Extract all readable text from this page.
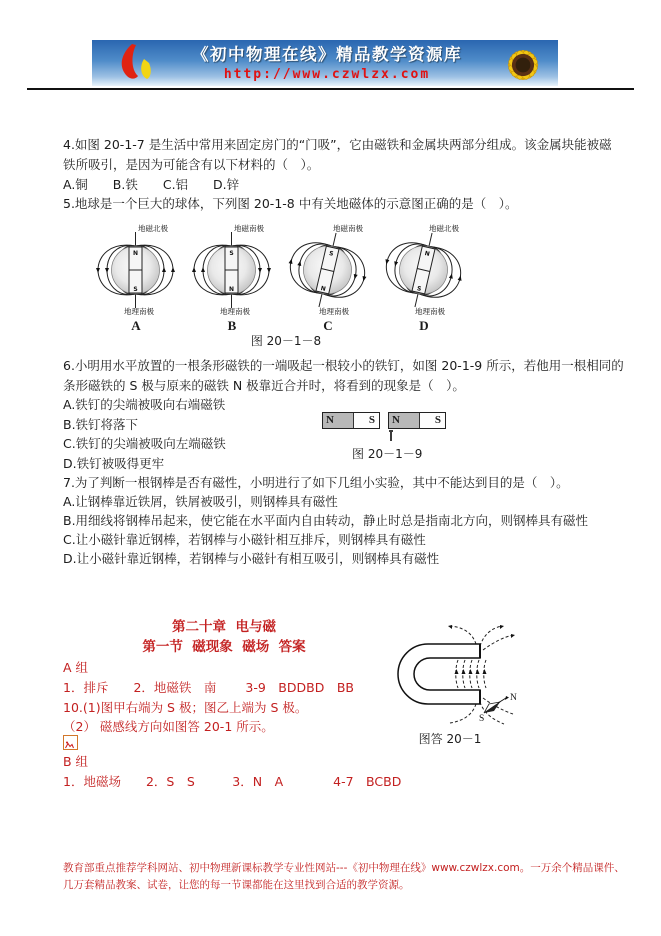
《初中物理在线》精品教学资源库
http://www.czwlzx.com
4.如图 20-1-7 是生活中常用来固定房门的“门吸”，它由磁铁和金属块两部分组成。该金属块能被磁
铁所吸引，是因为可能含有以下材料的（　）。
A.铜　　B.铁　　C.铝　　D.锌
5.地球是一个巨大的球体，下列图 20-1-8 中有关地磁体的示意图正确的是（　）。
N
S
地磁北极
地理南极
A
S
N
地磁南极
地理南极
B
S
N
地磁南极
地理南极
C
N
S
地磁北极
地理南极
D
图 20－1－8
6.小明用水平放置的一根条形磁铁的一端吸起一根较小的铁钉，如图 20-1-9 所示，若他用一根相同的
条形磁铁的 S 极与原来的磁铁 N 极靠近合并时，将看到的现象是（　）。
A.铁钉的尖端被吸向右端磁铁
B.铁钉将落下
C.铁钉的尖端被吸向左端磁铁
D.铁钉被吸得更牢
N	S	N	S
图 20－1－9
7.为了判断一根钢棒是否有磁性，小明进行了如下几组小实验，其中不能达到目的是（　）。
A.让钢棒靠近铁屑，铁屑被吸引，则钢棒具有磁性
B.用细线将钢棒吊起来，使它能在水平面内自由转动，静止时总是指南北方向，则钢棒具有磁性
C.让小磁针靠近钢棒，若钢棒与小磁针相互排斥，则钢棒具有磁性
D.让小磁针靠近钢棒，若钢棒与小磁针有相互吸引，则钢棒具有磁性
第二十章  电与磁
第一节  磁现象  磁场  答案
A 组
1．排斥　　2．地磁铁　南　　 3-9　BDDBD　BB
10.(1)图甲右端为 S 极；图乙上端为 S 极。
（2） 磁感线方向如图答 20-1 所示。
B 组
1．地磁场　　2．S　S　　　3．N　A　　　　4-7　BCBD
N
S
图答 20－1
教育部重点推荐学科网站、初中物理新课标教学专业性网站---《初中物理在线》www.czwlzx.com。一万余个精品课件、
几万套精品教案、试卷，让您的每一节课都能在这里找到合适的教学资源。
